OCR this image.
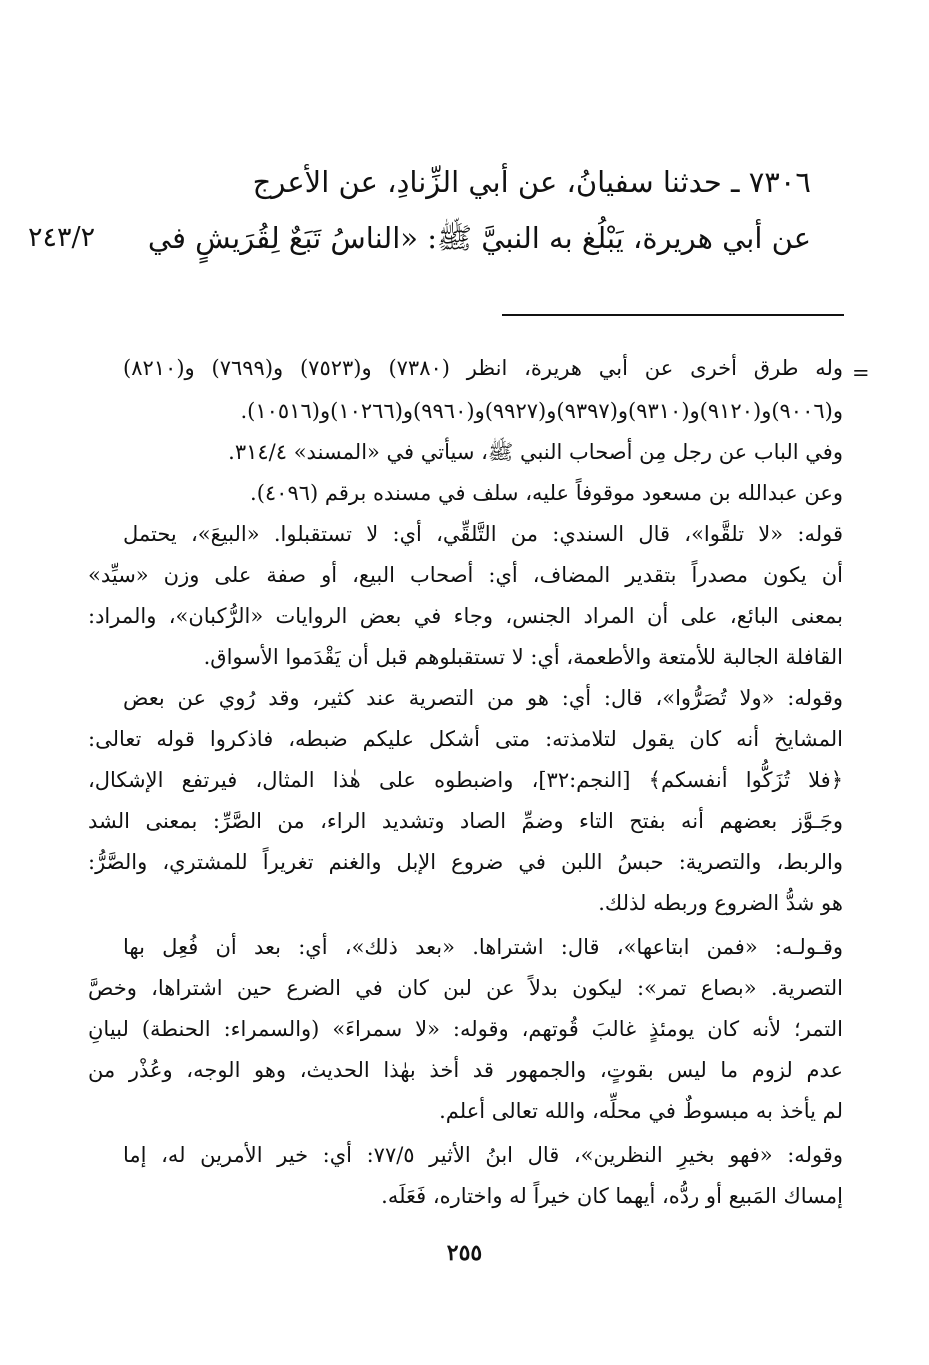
٧٣٠٦ ـ حدثنا سفيانُ، عن أبي الزِّنادِ، عن الأعرج

عن أبي هريرة، يَبْلُغ به النبيَّ ﷺ: «الناسُ تَبَعٌ لِقُرَيشٍ في

٢٤٣/٢

=

وله طرق أخرى عن أبي هريرة، انظر (٧٣٨٠) و(٧٥٢٣) و(٧٦٩٩) و(٨٢١٠)

و(٩٠٠٦)و(٩١٢٠)و(٩٣١٠)و(٩٣٩٧)و(٩٩٢٧)و(٩٩٦٠)و(١٠٢٦٦)و(١٠٥١٦).

وفي الباب عن رجل مِن أصحاب النبي ﷺ، سيأتي في «المسند» ٣١٤/٤.

وعن عبدالله بن مسعود موقوفاً عليه، سلف في مسنده برقم (٤٠٩٦).

قوله: «لا تلقَّوا»، قال السندي: من التَّلقِّي، أي: لا تستقبلوا. «البيعَ»، يحتمل

أن يكون مصدراً بتقدير المضاف، أي: أصحاب البيع، أو صفة على وزن «سيِّد»

بمعنى البائع، على أن المراد الجنس، وجاء في بعض الروايات «الرُّكبان»، والمراد:

القافلة الجالبة للأمتعة والأطعمة، أي: لا تستقبلوهم قبل أن يَقْدَموا الأسواق.

وقوله: «ولا تُصَرُّوا»، قال: أي: هو من التصرية عند كثير، وقد رُوي عن بعض

المشايخ أنه كان يقول لتلامذته: متى أشكل عليكم ضبطه، فاذكروا قوله تعالى:

﴿فلا تُزَكُّوا أنفسكم﴾ [النجم:٣٢]، واضبطوه على هٰذا المثال، فيرتفع الإشكال،

وجَـوَّز بعضهم أنه بفتح التاء وضمِّ الصاد وتشديد الراء، من الصَّرِّ: بمعنى الشد

والربط، والتصرية: حبسُ اللبن في ضروع الإبل والغنم تغريراً للمشتري، والصَّرُّ:

هو شدُّ الضروع وربطه لذلك.

وقـولـه: «فمن ابتاعها»، قال: اشتراها. «بعد ذلك»، أي: بعد أن فُعِل بها

التصرية. «بصاع تمر»: ليكون بدلاً عن لبن كان في الضرع حين اشتراها، وخصَّ

التمر؛ لأنه كان يومئذٍ غالبَ قُوتهم، وقوله: «لا سمراءَ» (والسمراء: الحنطة) لبيانِ

عدم لزوم ما ليس بقوتٍ، والجمهور قد أخذ بهٰذا الحديث، وهو الوجه، وعُذْر من

لم يأخذ به مبسوطٌ في محلِّه، والله تعالى أعلم.

وقوله: «فهو بخيرِ النظرين»، قال ابنُ الأثير ٧٧/٥: أي: خير الأمرين له، إما

إمساك المَبيع أو ردُّه، أيهما كان خيراً له واختاره، فَعَلَه.

٢٥٥
